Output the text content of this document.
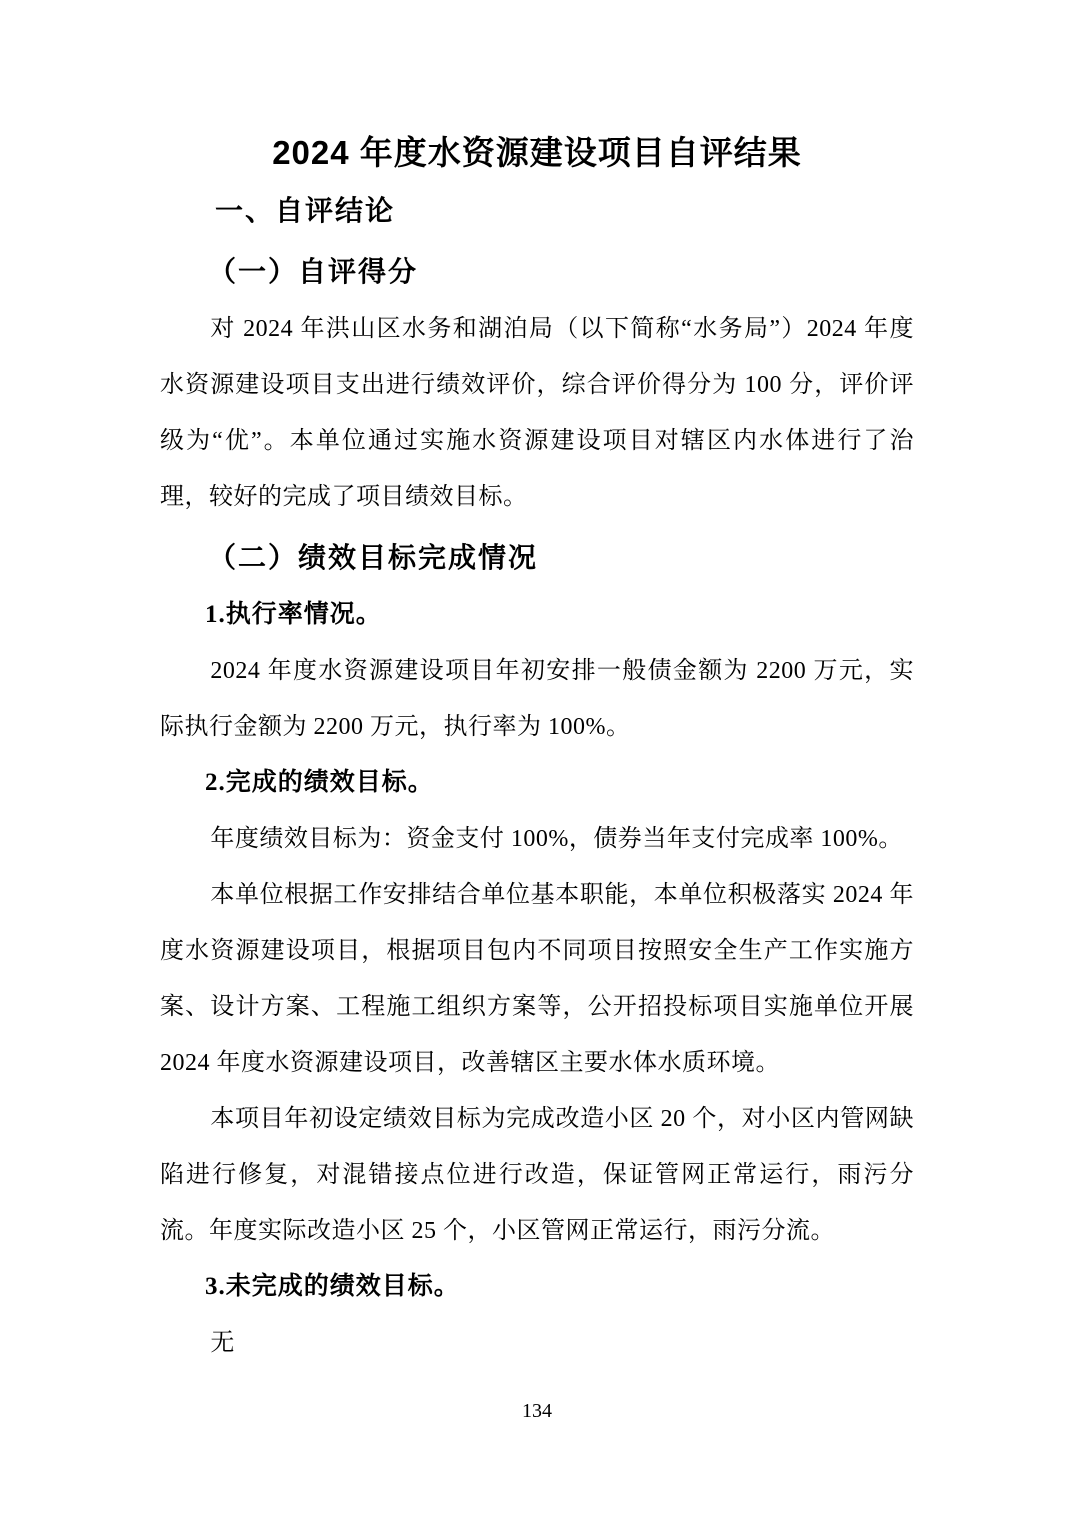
2024 年度水资源建设项目自评结果
一、自评结论
（一）自评得分
对 2024 年洪山区水务和湖泊局（以下简称“水务局”）2024 年度水资源建设项目支出进行绩效评价，综合评价得分为 100 分，评价评级为“优”。本单位通过实施水资源建设项目对辖区内水体进行了治理，较好的完成了项目绩效目标。
（二）绩效目标完成情况
1.执行率情况。
2024 年度水资源建设项目年初安排一般债金额为 2200 万元，实际执行金额为 2200 万元，执行率为 100%。
2.完成的绩效目标。
年度绩效目标为：资金支付 100%，债券当年支付完成率 100%。
本单位根据工作安排结合单位基本职能，本单位积极落实 2024 年度水资源建设项目，根据项目包内不同项目按照安全生产工作实施方案、设计方案、工程施工组织方案等，公开招投标项目实施单位开展 2024 年度水资源建设项目，改善辖区主要水体水质环境。
本项目年初设定绩效目标为完成改造小区 20 个，对小区内管网缺陷进行修复，对混错接点位进行改造，保证管网正常运行，雨污分流。年度实际改造小区 25 个，小区管网正常运行，雨污分流。
3.未完成的绩效目标。
无
134
